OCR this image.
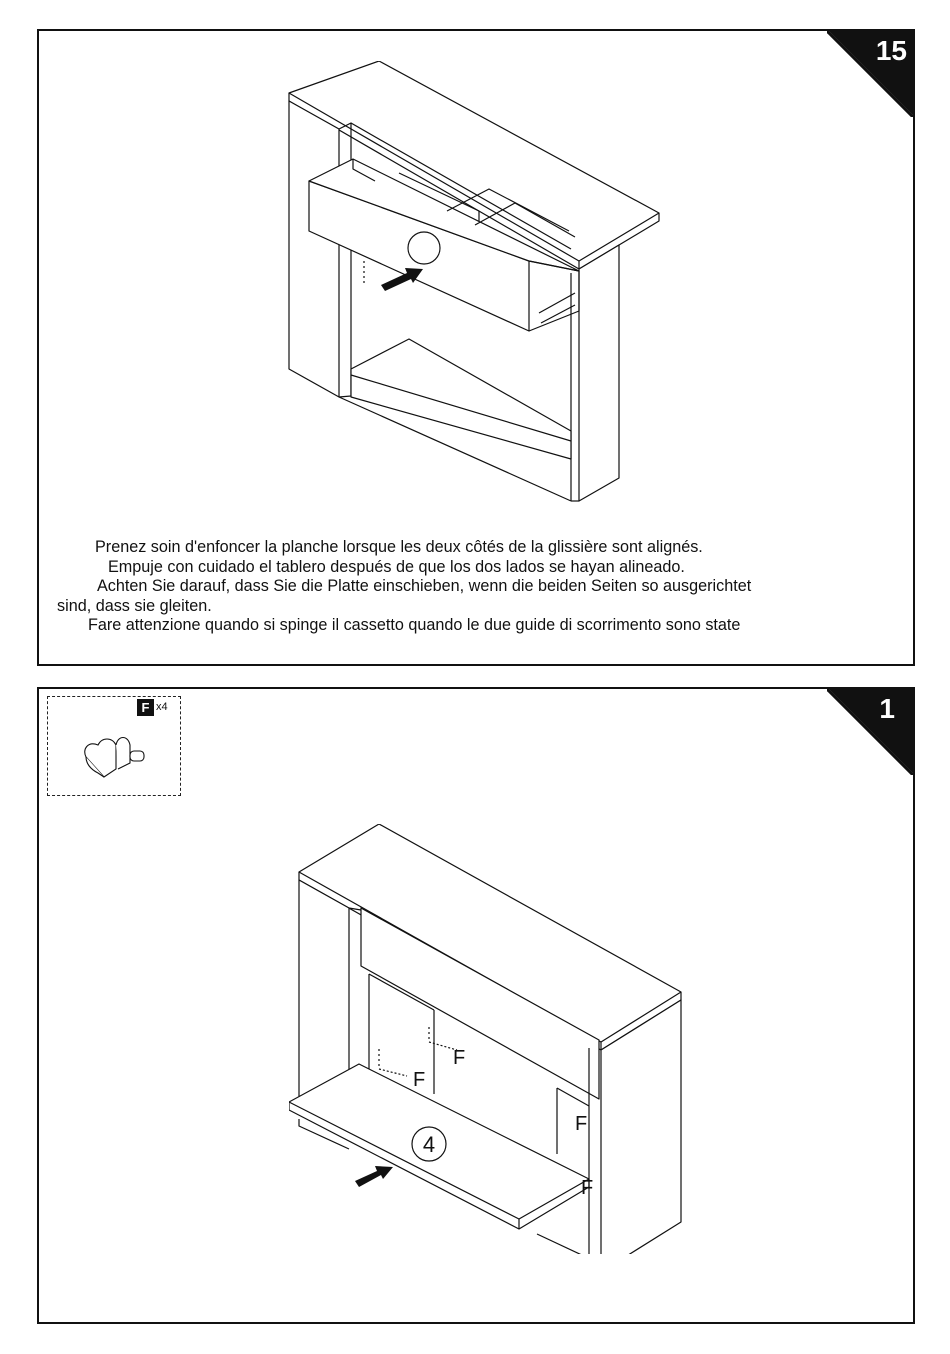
15

Prenez soin d'enfoncer la planche lorsque les deux côtés de la glissière sont alignés.

Empuje con cuidado el tablero después de que los dos lados se hayan alineado.

Achten Sie darauf, dass Sie die Platte einschieben, wenn die beiden Seiten so ausgerichtet

sind, dass sie gleiten.

Fare attenzione quando si spinge il cassetto quando le due guide di scorrimento sono state

1
F x4
4
F
F
F
F
